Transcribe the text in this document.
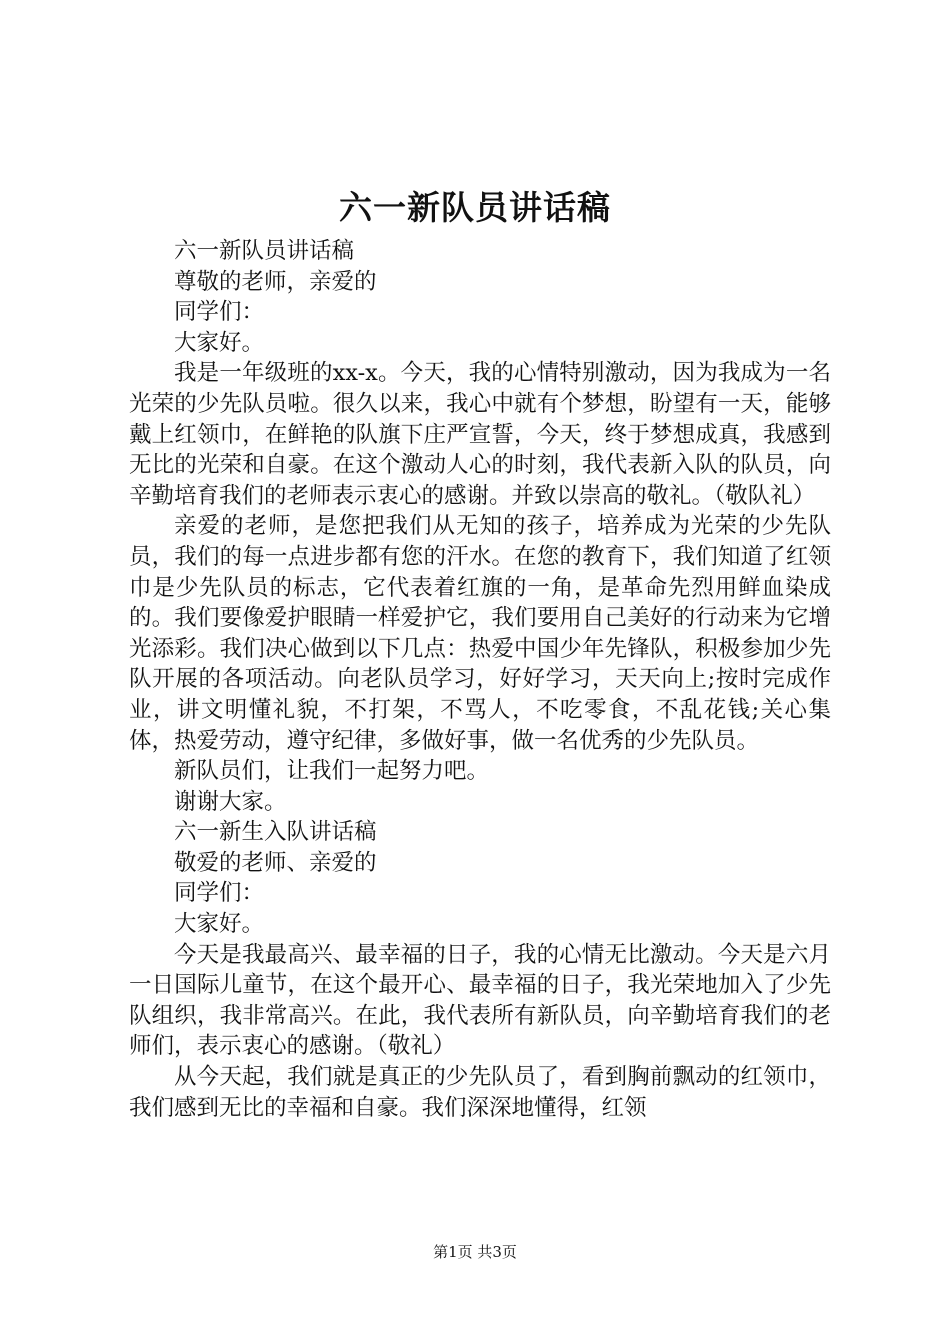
六一新队员讲话稿

六一新队员讲话稿

尊敬的老师，亲爱的

同学们：

大家好。

我是一年级班的xx-x。今天，我的心情特别激动，因为我成为一名光荣的少先队员啦。很久以来，我心中就有个梦想，盼望有一天，能够戴上红领巾，在鲜艳的队旗下庄严宣誓，今天，终于梦想成真，我感到无比的光荣和自豪。在这个激动人心的时刻，我代表新入队的队员，向辛勤培育我们的老师表示衷心的感谢。并致以崇高的敬礼。（敬队礼）

亲爱的老师，是您把我们从无知的孩子，培养成为光荣的少先队员，我们的每一点进步都有您的汗水。在您的教育下，我们知道了红领巾是少先队员的标志，它代表着红旗的一角，是革命先烈用鲜血染成的。我们要像爱护眼睛一样爱护它，我们要用自己美好的行动来为它增光添彩。我们决心做到以下几点：热爱中国少年先锋队，积极参加少先队开展的各项活动。向老队员学习，好好学习，天天向上;按时完成作业，讲文明懂礼貌，不打架，不骂人，不吃零食，不乱花钱;关心集体，热爱劳动，遵守纪律，多做好事，做一名优秀的少先队员。

新队员们，让我们一起努力吧。

谢谢大家。

六一新生入队讲话稿

敬爱的老师、亲爱的

同学们：

大家好。

今天是我最高兴、最幸福的日子，我的心情无比激动。今天是六月一日国际儿童节，在这个最开心、最幸福的日子，我光荣地加入了少先队组织，我非常高兴。在此，我代表所有新队员，向辛勤培育我们的老师们，表示衷心的感谢。（敬礼）

从今天起，我们就是真正的少先队员了，看到胸前飘动的红领巾，我们感到无比的幸福和自豪。我们深深地懂得，红领

第1页 共3页
